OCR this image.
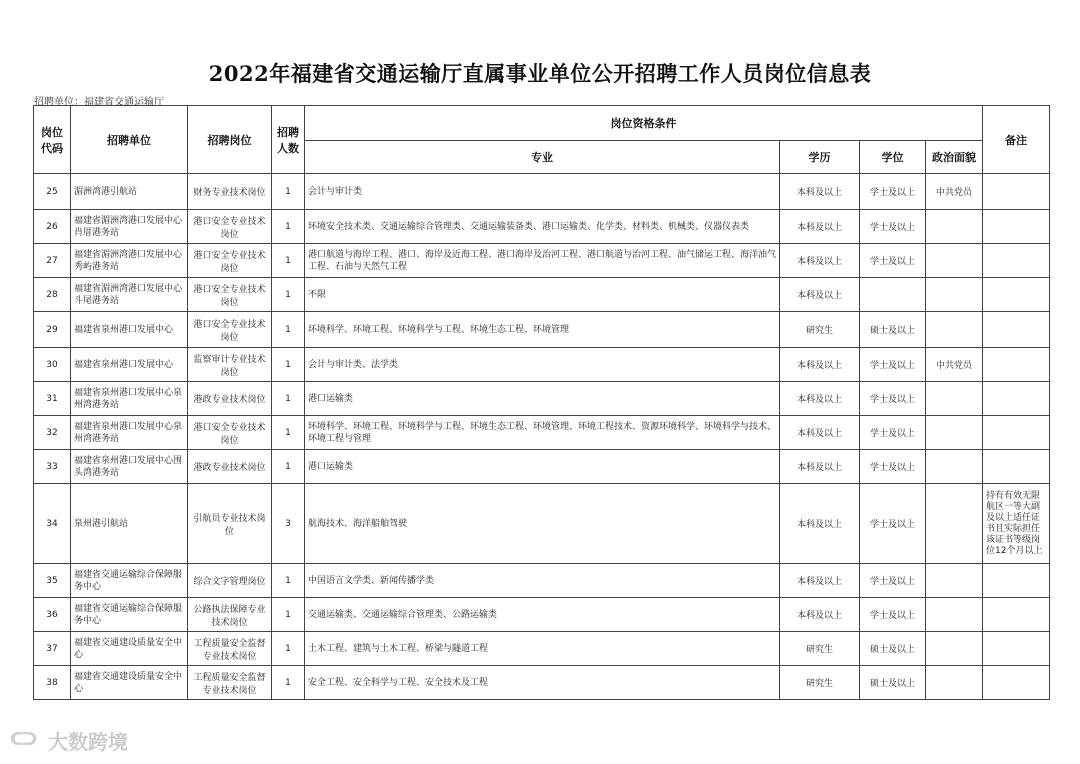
2022年福建省交通运输厅直属事业单位公开招聘工作人员岗位信息表
招聘单位：福建省交通运输厅
岗位代码	招聘单位	招聘岗位	招聘人数	岗位资格条件				备注
				专业	学历	学位	政治面貌	
25	湄洲湾港引航站	财务专业技术岗位	1	会计与审计类	本科及以上	学士及以上	中共党员	
26	福建省湄洲湾港口发展中心肖厝港务站	港口安全专业技术岗位	1	环境安全技术类、交通运输综合管理类、交通运输装备类、港口运输类、化学类、材料类、机械类、仪器仪表类	本科及以上	学士及以上		
27	福建省湄洲湾港口发展中心秀屿港务站	港口安全专业技术岗位	1	港口航道与海岸工程、港口、海岸及近海工程、港口海岸及治河工程、港口航道与治河工程、油气储运工程、海洋油气工程、石油与天然气工程	本科及以上	学士及以上		
28	福建省湄洲湾港口发展中心斗尾港务站	港口安全专业技术岗位	1	不限	本科及以上			
29	福建省泉州港口发展中心	港口安全专业技术岗位	1	环境科学、环境工程、环境科学与工程、环境生态工程、环境管理	研究生	硕士及以上		
30	福建省泉州港口发展中心	监察审计专业技术岗位	1	会计与审计类、法学类	本科及以上	学士及以上	中共党员	
31	福建省泉州港口发展中心泉州湾港务站	港政专业技术岗位	1	港口运输类	本科及以上	学士及以上		
32	福建省泉州港口发展中心泉州湾港务站	港口安全专业技术岗位	1	环境科学、环境工程、环境科学与工程、环境生态工程、环境管理、环境工程技术、资源环境科学、环境科学与技术、环境工程与管理	本科及以上	学士及以上		
33	福建省泉州港口发展中心围头湾港务站	港政专业技术岗位	1	港口运输类	本科及以上	学士及以上		
34	泉州港引航站	引航员专业技术岗位	3	航海技术、海洋船舶驾驶	本科及以上	学士及以上		持有有效无限航区一等大副及以上适任证书且实际担任该证书等级岗位12个月以上
35	福建省交通运输综合保障服务中心	综合文字管理岗位	1	中国语言文学类、新闻传播学类	本科及以上	学士及以上		
36	福建省交通运输综合保障服务中心	公路执法保障专业技术岗位	1	交通运输类、交通运输综合管理类、公路运输类	本科及以上	学士及以上		
37	福建省交通建设质量安全中心	工程质量安全监督专业技术岗位	1	土木工程、建筑与土木工程、桥梁与隧道工程	研究生	硕士及以上		
38	福建省交通建设质量安全中心	工程质量安全监督专业技术岗位	1	安全工程、安全科学与工程、安全技术及工程	研究生	硕士及以上		
ᑕᑐ 大数跨境
